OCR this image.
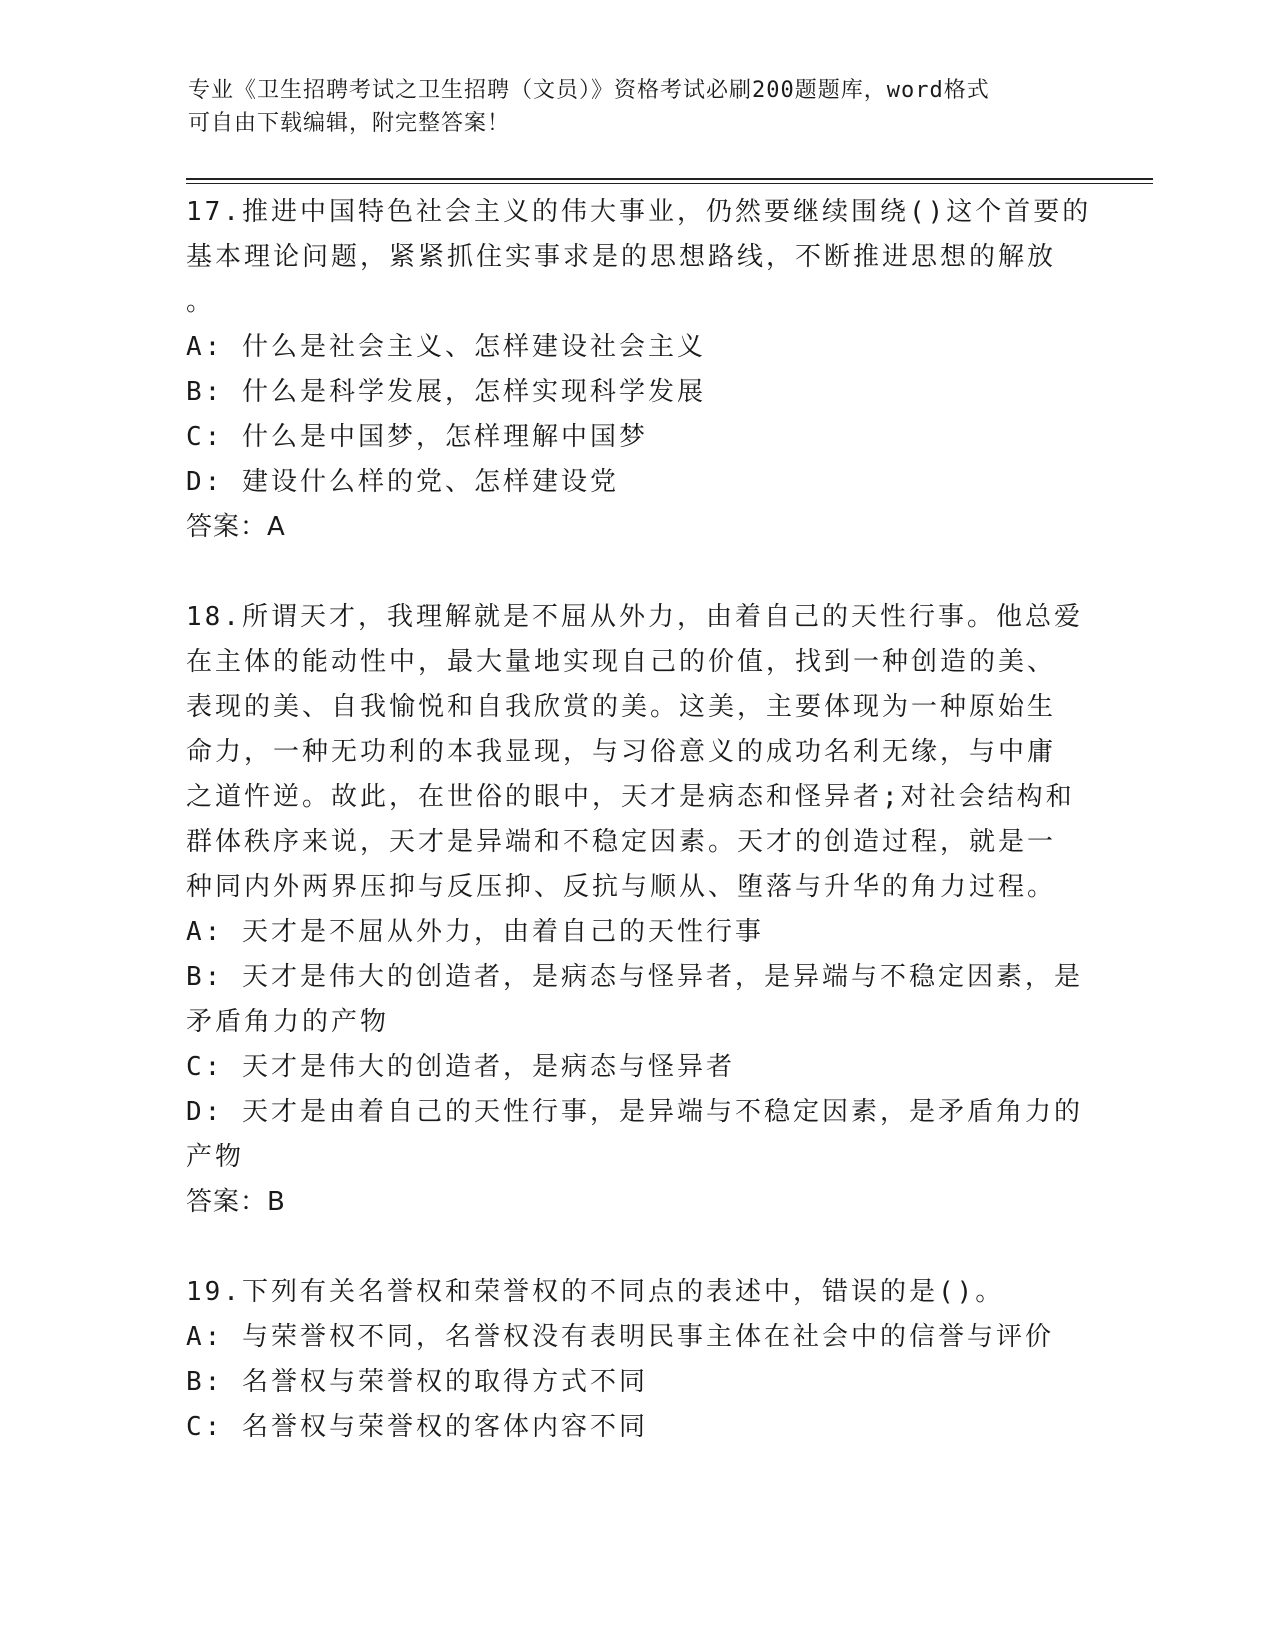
专业《卫生招聘考试之卫生招聘（文员）》资格考试必刷200题题库，word格式
可自由下载编辑，附完整答案！
17.推进中国特色社会主义的伟大事业，仍然要继续围绕()这个首要的
基本理论问题，紧紧抓住实事求是的思想路线，不断推进思想的解放
。
A: 什么是社会主义、怎样建设社会主义
B: 什么是科学发展，怎样实现科学发展
C: 什么是中国梦，怎样理解中国梦
D: 建设什么样的党、怎样建设党
答案：A
18.所谓天才，我理解就是不屈从外力，由着自己的天性行事。他总爱
在主体的能动性中，最大量地实现自己的价值，找到一种创造的美、
表现的美、自我愉悦和自我欣赏的美。这美，主要体现为一种原始生
命力，一种无功利的本我显现，与习俗意义的成功名利无缘，与中庸
之道忤逆。故此，在世俗的眼中，天才是病态和怪异者;对社会结构和
群体秩序来说，天才是异端和不稳定因素。天才的创造过程，就是一
种同内外两界压抑与反压抑、反抗与顺从、堕落与升华的角力过程。
A: 天才是不屈从外力，由着自己的天性行事
B: 天才是伟大的创造者，是病态与怪异者，是异端与不稳定因素，是
矛盾角力的产物
C: 天才是伟大的创造者，是病态与怪异者
D: 天才是由着自己的天性行事，是异端与不稳定因素，是矛盾角力的
产物
答案：B
19.下列有关名誉权和荣誉权的不同点的表述中，错误的是()。
A: 与荣誉权不同，名誉权没有表明民事主体在社会中的信誉与评价
B: 名誉权与荣誉权的取得方式不同
C: 名誉权与荣誉权的客体内容不同
